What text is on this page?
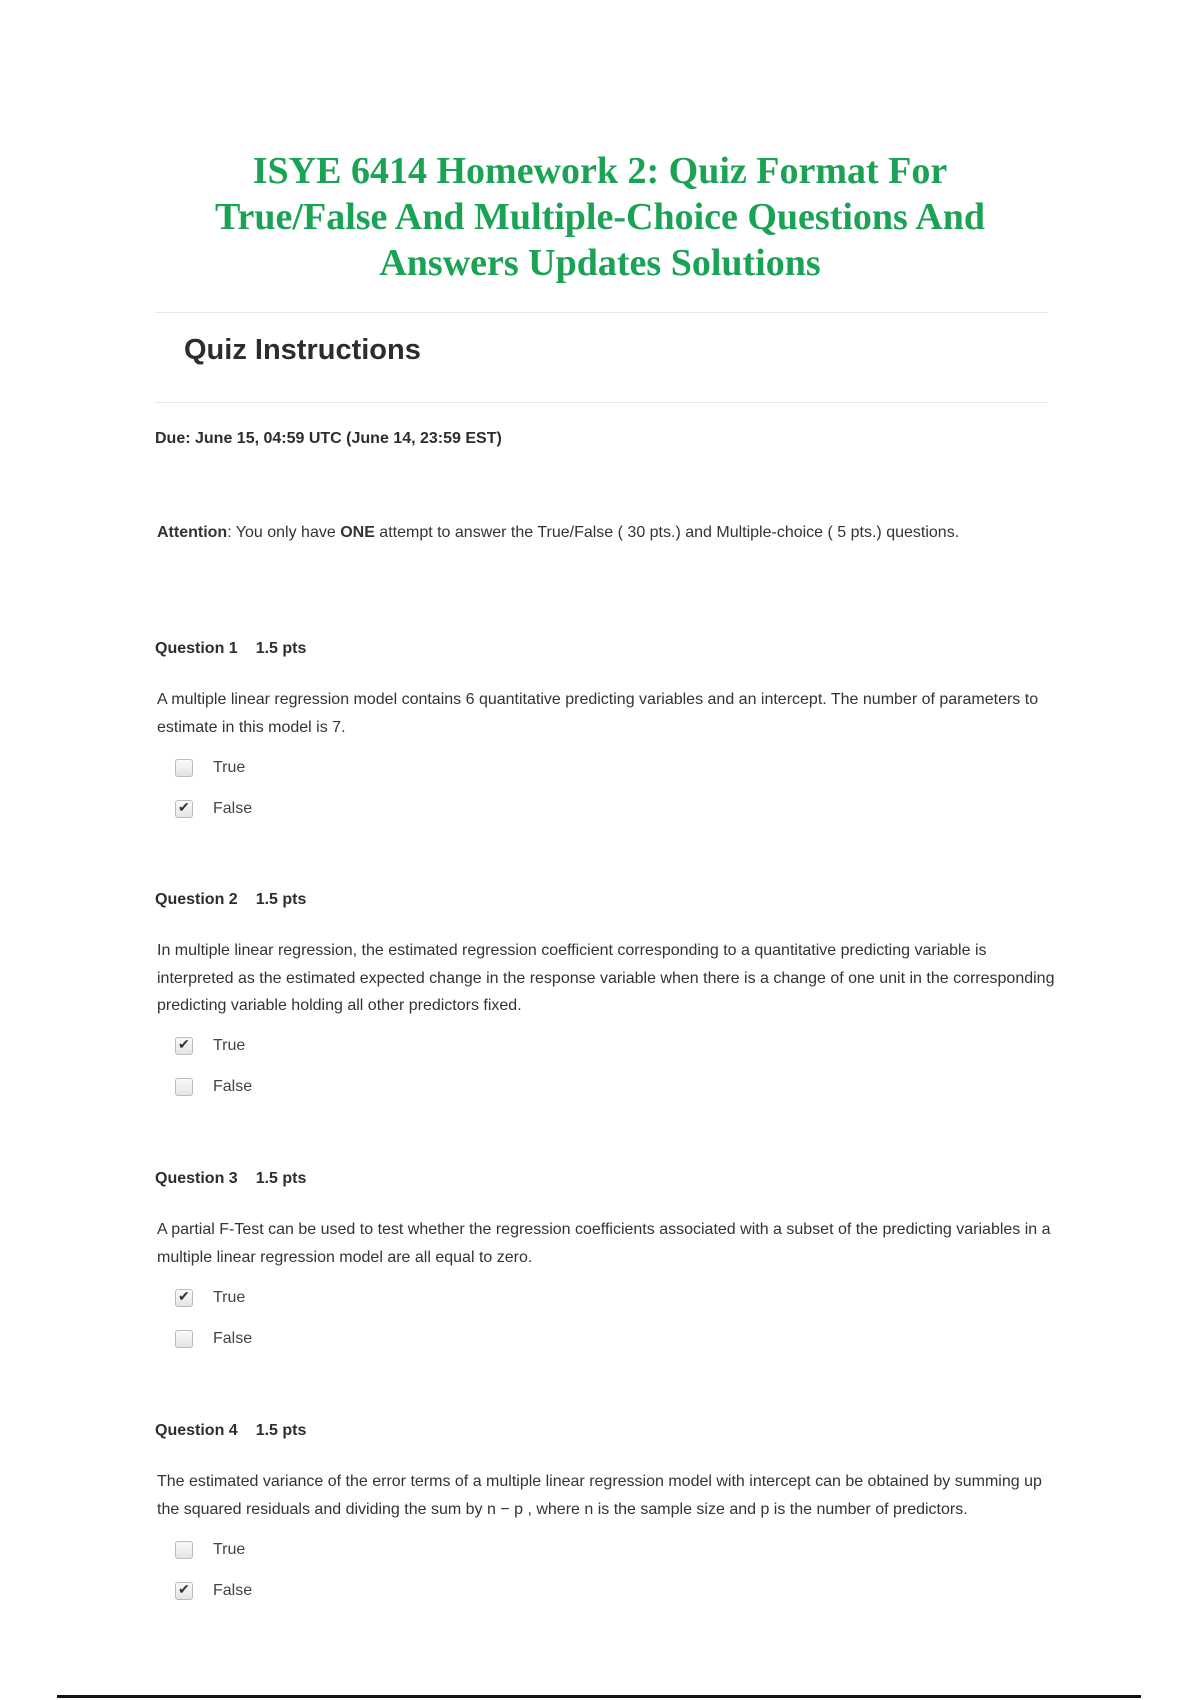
ISYE 6414 Homework 2: Quiz Format For
True/False And Multiple-Choice Questions And
Answers Updates Solutions
Quiz Instructions
Due: June 15, 04:59 UTC (June 14, 23:59 EST)
Attention: You only have ONE attempt to answer the True/False ( 30 pts.) and Multiple-choice ( 5 pts.) questions.
Question 1 1.5 pts
A multiple linear regression model contains 6 quantitative predicting variables and an intercept. The number of parameters to estimate in this model is 7.
True
✔
False
Question 2 1.5 pts
In multiple linear regression, the estimated regression coefficient corresponding to a quantitative predicting variable is interpreted as the estimated expected change in the response variable when there is a change of one unit in the corresponding predicting variable holding all other predictors fixed.
✔
True
False
Question 3 1.5 pts
A partial F-Test can be used to test whether the regression coefficients associated with a subset of the predicting variables in a multiple linear regression model are all equal to zero.
✔
True
False
Question 4 1.5 pts
The estimated variance of the error terms of a multiple linear regression model with intercept can be obtained by summing up the squared residuals and dividing the sum by n − p , where n is the sample size and p is the number of predictors.
True
✔
False
